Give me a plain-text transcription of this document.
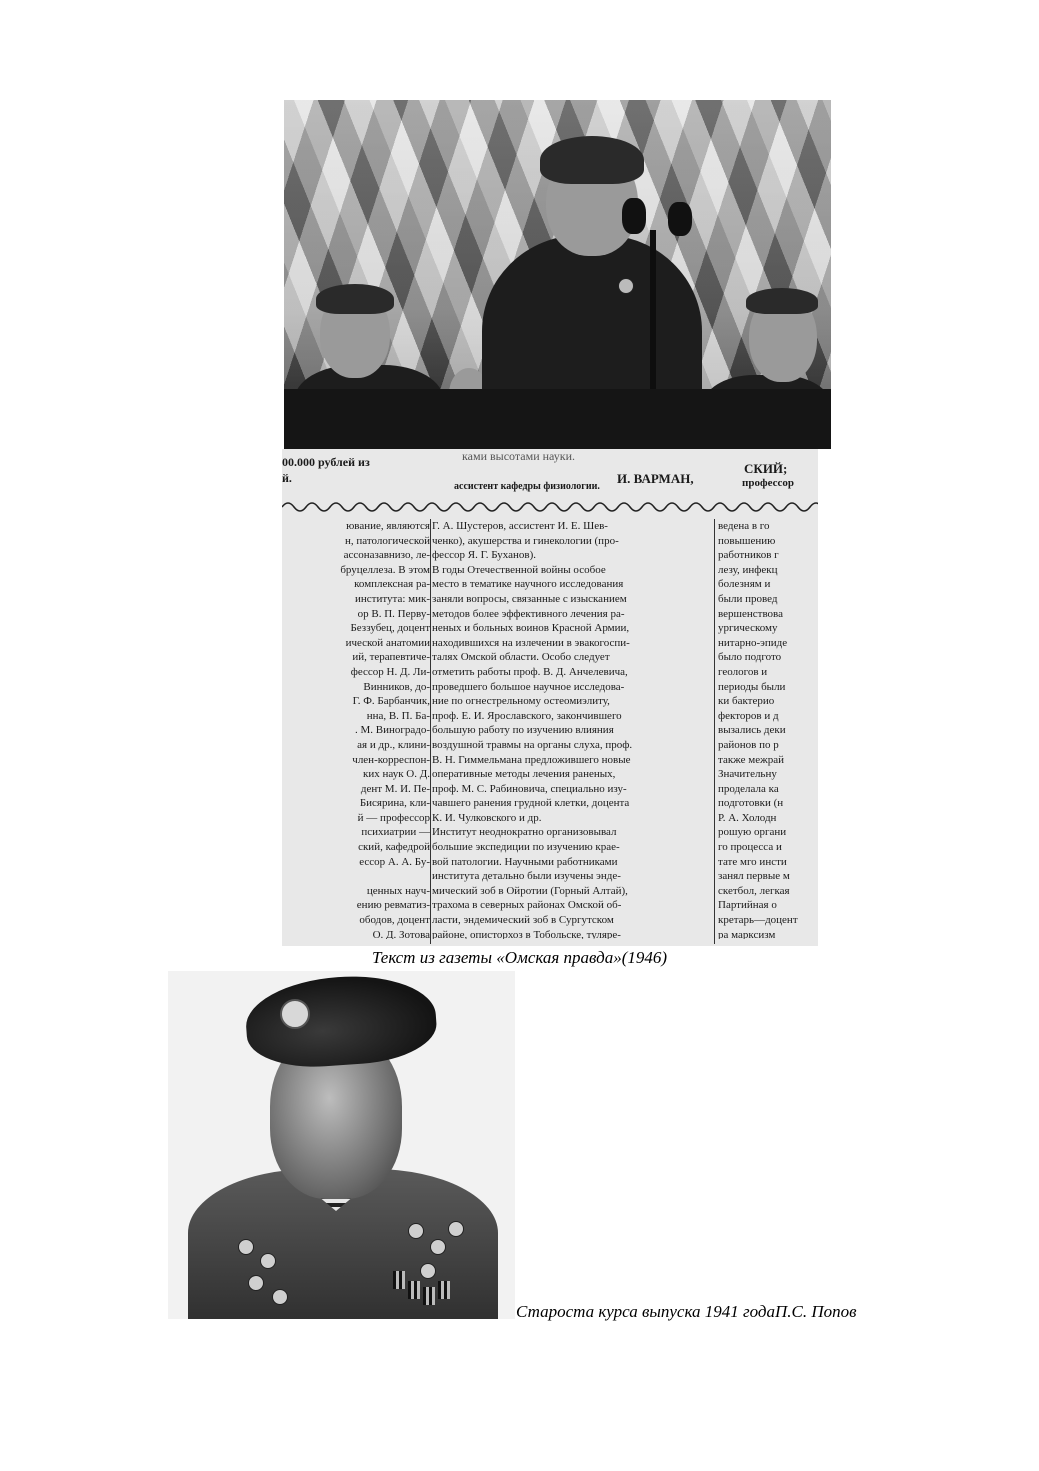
00.000 рублей из
й.
ками высотами науки.
И. ВАРМАН,
ассистент кафедры физиологии.
СКИЙ;
профессор
ювание, являются
н, патологической
ассоназавнизо, ле-
бруцеллеза. В этом
комплексная ра-
института: мик-
ор В. П. Перву-
Беззубец, доцент
ической анатомии
ий, терапевтиче-
фессор Н. Д. Ли-
Винников, до-
Г. Ф. Барбанчик,
нна, В. П. Ба-
. М. Виноградо-
ая и др., клини-
член-корреспон-
ких наук О. Д.
дент М. И. Пе-
Бисярина, кли-
й — профессор
психиатрии —
ский, кафедрой
ессор А. А. Бу-

ценных науч-
ению ревматиз-
ободов, доцент
О. Д. Зотова
Г. А. Шустеров, ассистент И. Е. Шев-
ченко), акушерства и гинекологии (про-
фессор Я. Г. Буханов).
В годы Отечественной войны особое
место в тематике научного исследования
заняли вопросы, связанные с изысканием
методов более эффективного лечения ра-
неных и больных воинов Красной Армии,
находившихся на излечении в эвакогоспи-
талях Омской области. Особо следует
отметить работы проф. В. Д. Анчелевича,
проведшего большое научное исследова-
ние по огнестрельному остеомиэлиту,
проф. Е. И. Ярославского, закончившего
большую работу по изучению влияния
воздушной травмы на органы слуха, проф.
В. Н. Гиммельмана предложившего новые
оперативные методы лечения раненых,
проф. М. С. Рабиновича, специально изу-
чавшего ранения грудной клетки, доцента
К. И. Чулковского и др.
Институт неоднократно организовывал
большие экспедиции по изучению крае-
вой патологии. Научными работниками
института детально были изучены энде-
мический зоб в Ойротии (Горный Алтай),
трахома в северных районах Омской об-
ласти, эндемический зоб в Сургутском
районе, описторхоз в Тобольске, туляре-
ведена в го
повышению
работников г
лезу, инфекц
болезням и
были провед
вершенствова
ургическому
нитарно-эпиде
было подгото
геологов и
периоды были
ки бактерио
фекторов и д
вызались деки
районов по р
также межрай
Значительну
проделала ка
подготовки (н
Р. А. Холодн
рошую органи
го процесса и
тате мго инсти
занял первые м
скетбол, легкая
Партийная о
кретарь—доцент
ра марксизм
Текст из газеты «Омская правда»(1946)
Староста курса выпуска 1941 годаП.С. Попов
